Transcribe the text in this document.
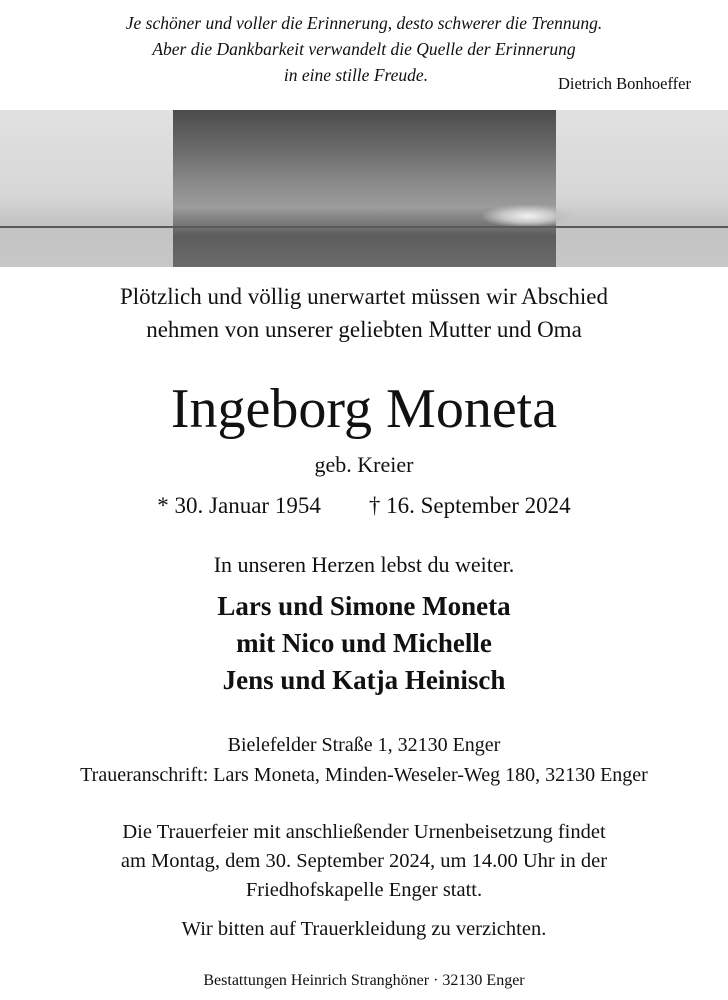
Je schöner und voller die Erinnerung, desto schwerer die Trennung.
Aber die Dankbarkeit verwandelt die Quelle der Erinnerung
in eine stille Freude.	Dietrich Bonhoeffer
Plötzlich und völlig unerwartet müssen wir Abschied
nehmen von unserer geliebten Mutter und Oma
Ingeborg Moneta
geb. Kreier
* 30. Januar 1954 † 16. September 2024
In unseren Herzen lebst du weiter.
Lars und Simone Moneta
mit Nico und Michelle
Jens und Katja Heinisch
Bielefelder Straße 1, 32130 Enger
Traueranschrift: Lars Moneta, Minden-Weseler-Weg 180, 32130 Enger
Die Trauerfeier mit anschließender Urnenbeisetzung findet
am Montag, dem 30. September 2024, um 14.00 Uhr in der
Friedhofskapelle Enger statt.
Wir bitten auf Trauerkleidung zu verzichten.
Bestattungen Heinrich Stranghöner · 32130 Enger
